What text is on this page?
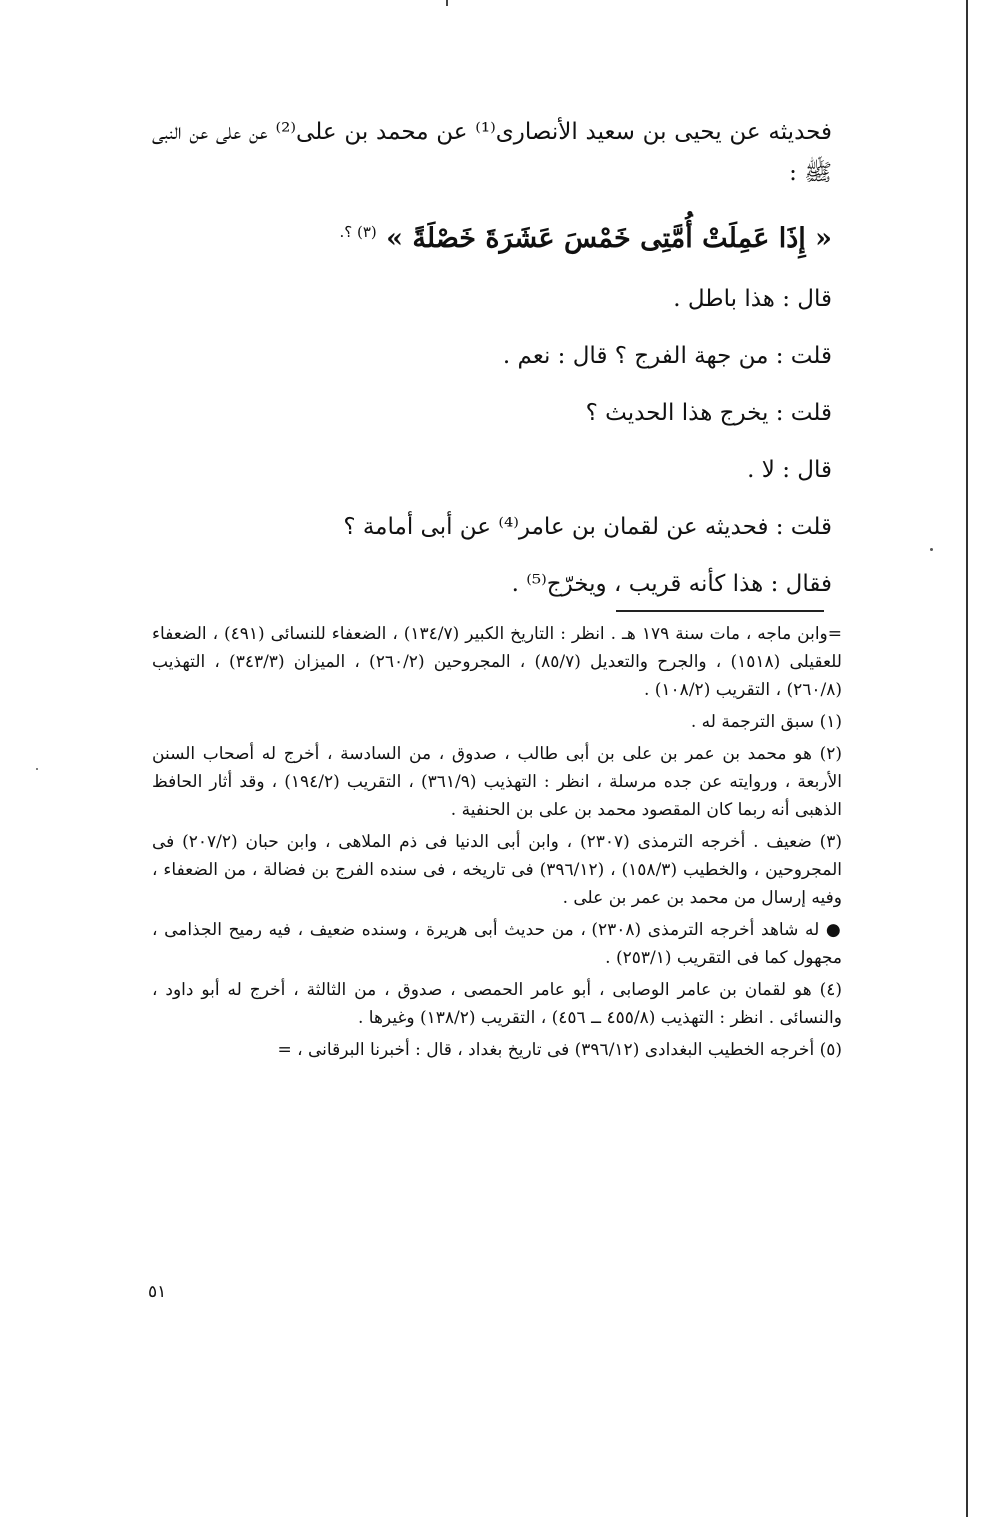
فحديثه عن يحيى بن سعيد الأنصارى⁽¹⁾ عن محمد بن على⁽²⁾ عن على عن النبى ﷺ :

« إِذَا عَمِلَتْ أُمَّتِى خَمْسَ عَشَرَةَ خَصْلَةً » $^{(٣) ؟.}$
قال : هذا باطل .
قلت : من جهة الفرج ؟ قال : نعم .
قلت : يخرج هذا الحديث ؟
قال : لا .
قلت : فحديثه عن لقمان بن عامر⁽⁴⁾ عن أبى أمامة ؟
فقال : هذا كأنه قريب ، ويخرّج⁽⁵⁾ .

=وابن ماجه ، مات سنة ١٧٩ هـ . انظر : التاريخ الكبير (١٣٤/٧) ، الضعفاء للنسائى (٤٩١) ، الضعفاء للعقيلى (١٥١٨) ، والجرح والتعديل (٨٥/٧) ، المجروحين (٢٦٠/٢) ، الميزان (٣٤٣/٣) ، التهذيب (٢٦٠/٨) ، التقريب (١٠٨/٢) .

(١) سبق الترجمة له .

(٢) هو محمد بن عمر بن على بن أبى طالب ، صدوق ، من السادسة ، أخرج له أصحاب السنن الأربعة ، وروايته عن جده مرسلة ، انظر : التهذيب (٣٦١/٩) ، التقريب (١٩٤/٢) ، وقد أثار الحافظ الذهبى أنه ربما كان المقصود محمد بن على بن الحنفية .

(٣) ضعيف . أخرجه الترمذى (٢٣٠٧) ، وابن أبى الدنيا فى ذم الملاهى ، وابن حبان (٢٠٧/٢) فى المجروحين ، والخطيب (١٥٨/٣) ، (٣٩٦/١٢) فى تاريخه ، فى سنده الفرج بن فضالة ، من الضعفاء ، وفيه إرسال من محمد بن عمر بن على .

● له شاهد أخرجه الترمذى (٢٣٠٨) ، من حديث أبى هريرة ، وسنده ضعيف ، فيه رميح الجذامى ، مجهول كما فى التقريب (٢٥٣/١) .

(٤) هو لقمان بن عامر الوصابى ، أبو عامر الحمصى ، صدوق ، من الثالثة ، أخرج له أبو داود ، والنسائى . انظر : التهذيب (٤٥٥/٨ ــ ٤٥٦) ، التقريب (١٣٨/٢) وغيرها .

(٥) أخرجه الخطيب البغدادى (٣٩٦/١٢) فى تاريخ بغداد ، قال : أخبرنا البرقانى ، =

٥١
